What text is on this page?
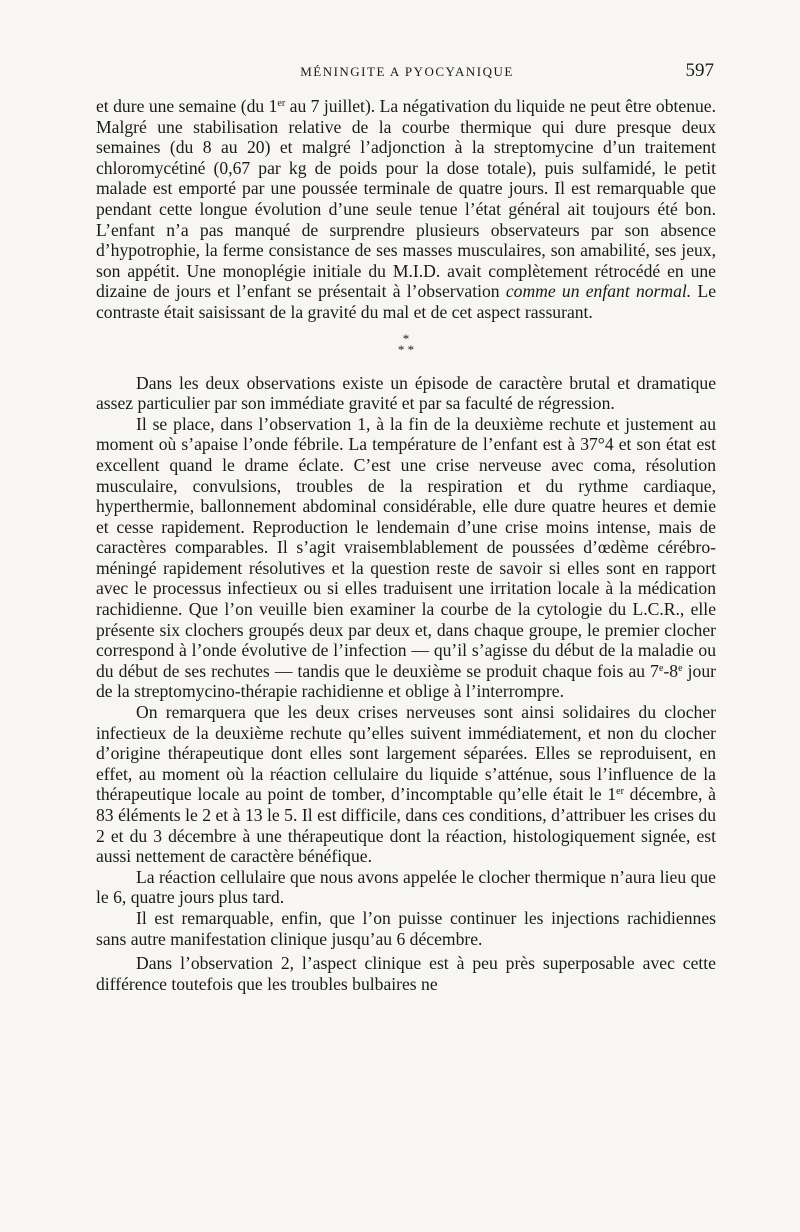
MÉNINGITE A PYOCYANIQUE	597

et dure une semaine (du 1er au 7 juillet). La négativation du liquide ne peut être obtenue. Malgré une stabilisation relative de la courbe thermique qui dure presque deux semaines (du 8 au 20) et malgré l’adjonction à la streptomycine d’un traitement chloromycétiné (0,67 par kg de poids pour la dose totale), puis sulfamidé, le petit malade est emporté par une poussée terminale de quatre jours. Il est remarquable que pendant cette longue évolution d’une seule tenue l’état général ait toujours été bon. L’enfant n’a pas manqué de surprendre plusieurs observateurs par son absence d’hypotrophie, la ferme consistance de ses masses musculaires, son amabilité, ses jeux, son appétit. Une monoplégie initiale du M.I.D. avait complètement rétrocédé en une dizaine de jours et l’enfant se présentait à l’observation comme un enfant normal. Le contraste était saisissant de la gravité du mal et de cet aspect rassurant.

*
* *

Dans les deux observations existe un épisode de caractère brutal et dramatique assez particulier par son immédiate gravité et par sa faculté de régression.

Il se place, dans l’observation 1, à la fin de la deuxième rechute et justement au moment où s’apaise l’onde fébrile. La température de l’enfant est à 37°4 et son état est excellent quand le drame éclate. C’est une crise nerveuse avec coma, résolution musculaire, convulsions, troubles de la respiration et du rythme cardiaque, hyperthermie, ballonnement abdominal considérable, elle dure quatre heures et demie et cesse rapidement. Reproduction le lendemain d’une crise moins intense, mais de caractères comparables. Il s’agit vraisemblablement de poussées d’œdème cérébro-méningé rapidement résolutives et la question reste de savoir si elles sont en rapport avec le processus infectieux ou si elles traduisent une irritation locale à la médication rachidienne. Que l’on veuille bien examiner la courbe de la cytologie du L.C.R., elle présente six clochers groupés deux par deux et, dans chaque groupe, le premier clocher correspond à l’onde évolutive de l’infection — qu’il s’agisse du début de la maladie ou du début de ses rechutes — tandis que le deuxième se produit chaque fois au 7e-8e jour de la streptomycino-thérapie rachidienne et oblige à l’interrompre.

On remarquera que les deux crises nerveuses sont ainsi solidaires du clocher infectieux de la deuxième rechute qu’elles suivent immédiatement, et non du clocher d’origine thérapeutique dont elles sont largement séparées. Elles se reproduisent, en effet, au moment où la réaction cellulaire du liquide s’atténue, sous l’influence de la thérapeutique locale au point de tomber, d’incomptable qu’elle était le 1er décembre, à 83 éléments le 2 et à 13 le 5. Il est difficile, dans ces conditions, d’attribuer les crises du 2 et du 3 décembre à une thérapeutique dont la réaction, histologiquement signée, est aussi nettement de caractère bénéfique.

La réaction cellulaire que nous avons appelée le clocher thermique n’aura lieu que le 6, quatre jours plus tard.

Il est remarquable, enfin, que l’on puisse continuer les injections rachidiennes sans autre manifestation clinique jusqu’au 6 décembre.

Dans l’observation 2, l’aspect clinique est à peu près superposable avec cette différence toutefois que les troubles bulbaires ne
